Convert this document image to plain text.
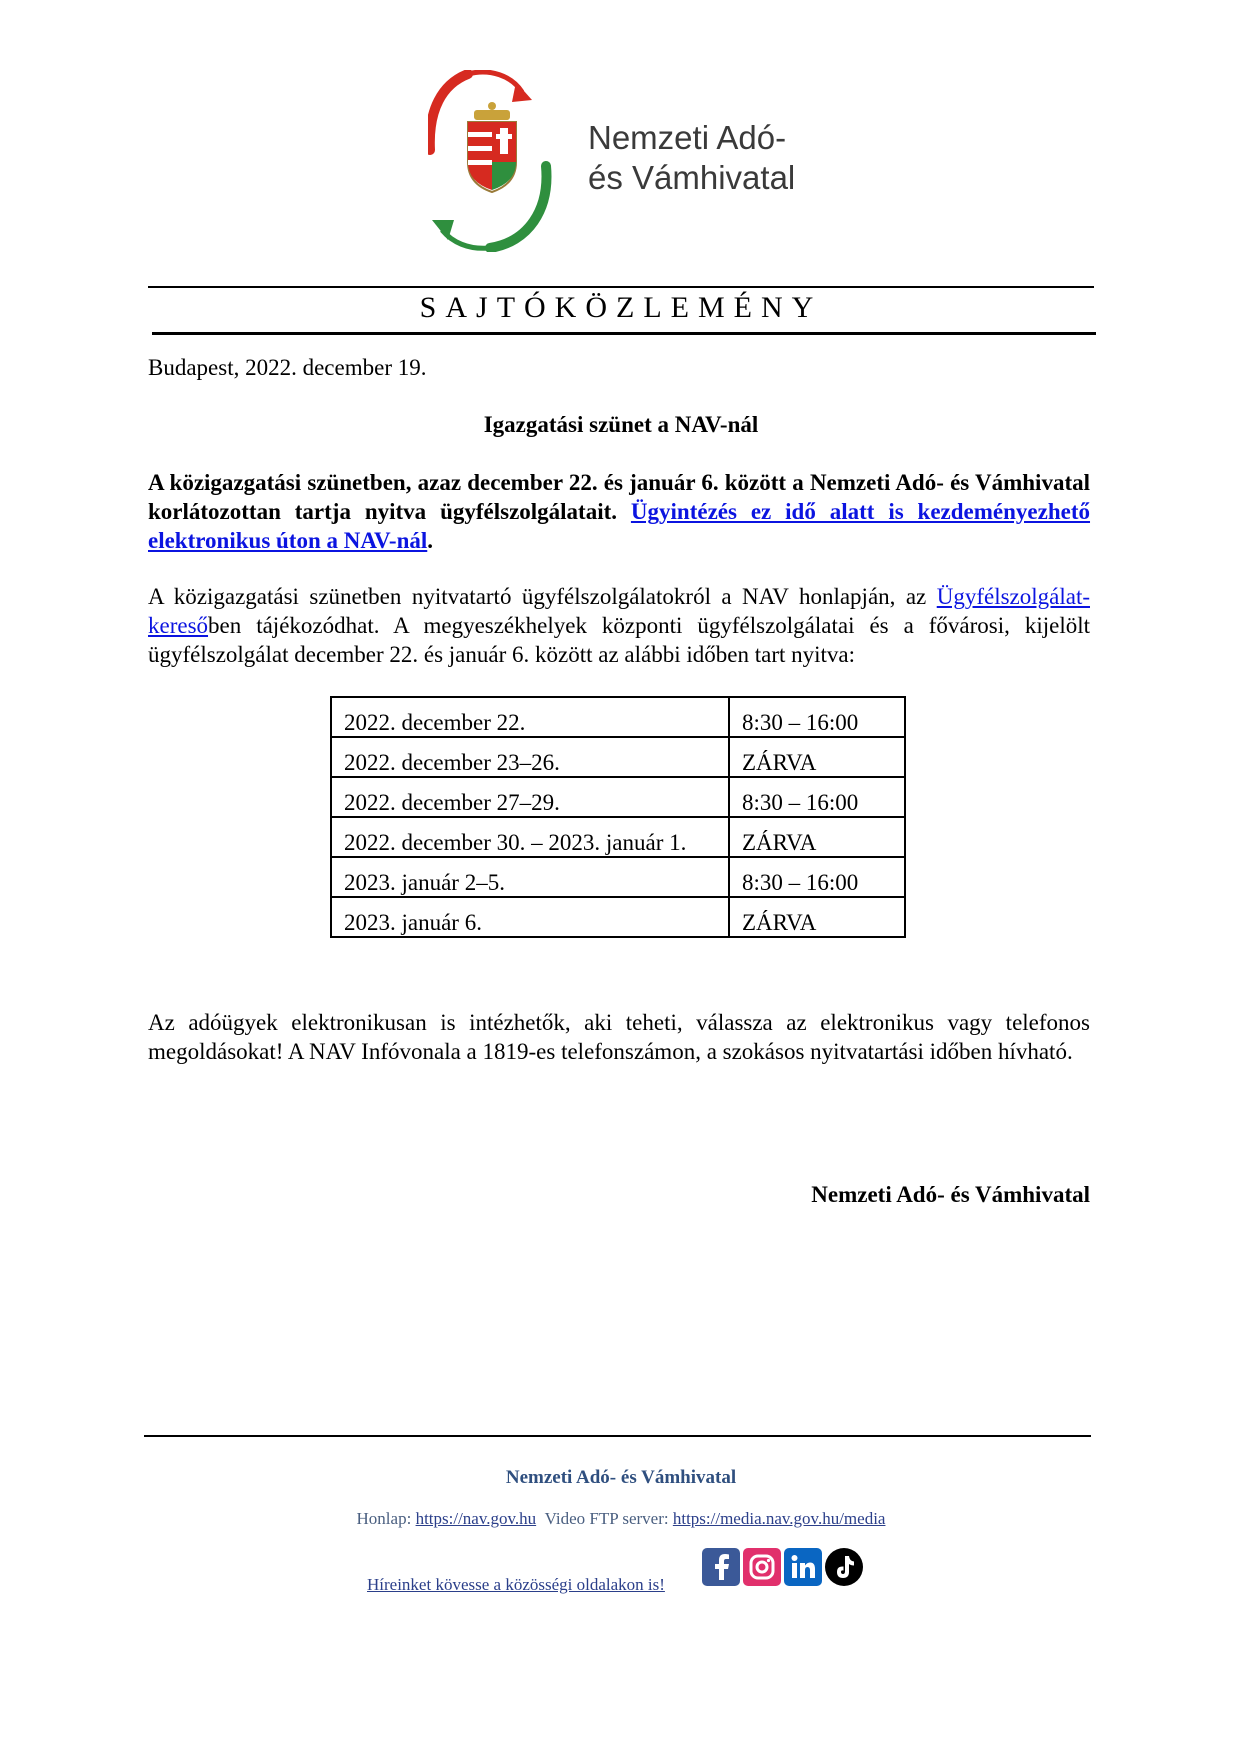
Nemzeti Adó-
és Vámhivatal
SAJTÓKÖZLEMÉNY
Budapest, 2022. december 19.
Igazgatási szünet a NAV-nál
A közigazgatási szünetben, azaz december 22. és január 6. között a Nemzeti Adó- és Vámhivatal korlátozottan tartja nyitva ügyfélszolgálatait. Ügyintézés ez idő alatt is kezdeményezhető elektronikus úton a NAV-nál.
A közigazgatási szünetben nyitvatartó ügyfélszolgálatokról a NAV honlapján, az Ügyfélszolgálat-keresőben tájékozódhat. A megyeszékhelyek központi ügyfélszolgálatai és a fővárosi, kijelölt ügyfélszolgálat december 22. és január 6. között az alábbi időben tart nyitva:
2022. december 22.	8:30 – 16:00
2022. december 23–26.	ZÁRVA
2022. december 27–29.	8:30 – 16:00
2022. december 30. – 2023. január 1.	ZÁRVA
2023. január 2–5.	8:30 – 16:00
2023. január 6.	ZÁRVA
Az adóügyek elektronikusan is intézhetők, aki teheti, válassza az elektronikus vagy telefonos megoldásokat! A NAV Infóvonala a 1819-es telefonszámon, a szokásos nyitvatartási időben hívható.
Nemzeti Adó- és Vámhivatal
Nemzeti Adó- és Vámhivatal
Honlap: https://nav.gov.hu Video FTP server: https://media.nav.gov.hu/media
Híreinket kövesse a közösségi oldalakon is!
